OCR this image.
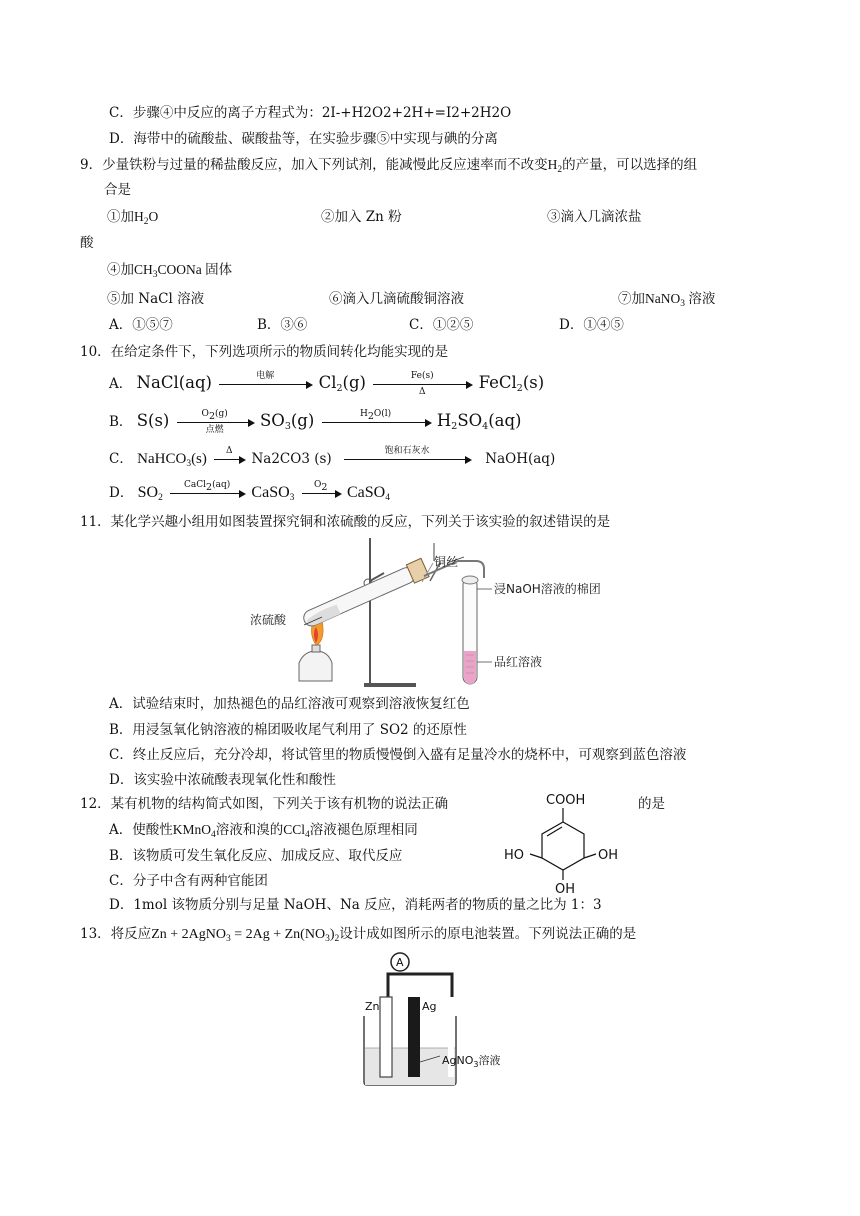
C．步骤④中反应的离子方程式为：2I-+H2O2+2H+=I2+2H2O
D．海带中的硫酸盐、碳酸盐等，在实验步骤⑤中实现与碘的分离
9．少量铁粉与过量的稀盐酸反应，加入下列试剂，能减慢此反应速率而不改变$H_2$的产量，可以选择的组
合是
①加$H_2O$	②加入 Zn 粉	③滴入几滴浓盐
酸
④加$CH_3COONa$ 固体
⑤加 NaCl 溶液	⑥滴入几滴硫酸铜溶液	⑦加NaNO$_3$ 溶液
A．①⑤⑦	B．③⑥	C．①②⑤	D．①④⑤
10．在给定条件下，下列选项所示的物质间转化均能实现的是
A． NaCl(aq)	电解	$Cl_2(g) \frac{Fe(s)}{\Delta}$ FeCl$_2$(s)
B． S(s)	O2(g)
点燃	$SO_3(g)$	H2O(l)	$H_2SO_4(aq)$
C． NaHCO$_3$(s)	Δ	Na2CO3 (s)	饱和石灰水	NaOH(aq)
D． $SO_2$
CaCl2(aq)	CaSO$_3$
O2	CaSO$_4$
11．某化学兴趣小组用如图装置探究铜和浓硫酸的反应，下列关于该实验的叙述错误的是
铜丝
浸NaOH溶液的棉团
浓硫酸
品红溶液
A．试验结束时，加热褪色的品红溶液可观察到溶液恢复红色
B．用浸氢氧化钠溶液的棉团吸收尾气利用了 SO2 的还原性
C．终止反应后，充分冷却，将试管里的物质慢慢倒入盛有足量冷水的烧杯中，可观察到蓝色溶液
D．该实验中浓硫酸表现氧化性和酸性
12．某有机物的结构简式如图，下列关于该有机物的说法正确	的是
A．使酸性KMnO$_4$溶液和溴的CCl$_4$溶液褪色原理相同
B．该物质可发生氧化反应、加成反应、取代反应
C．分子中含有两种官能团
D．1mol 该物质分别与足量 NaOH、Na 反应，消耗两者的物质的量之比为 1：3
COOH
HO	OH
OH
13．将反应Zn + 2AgNO$_3$ = $2Ag + Zn(NO_3)_2$设计成如图所示的原电池装置。下列说法正确的是
A
Zn	Ag
AgNO$_3$溶液
